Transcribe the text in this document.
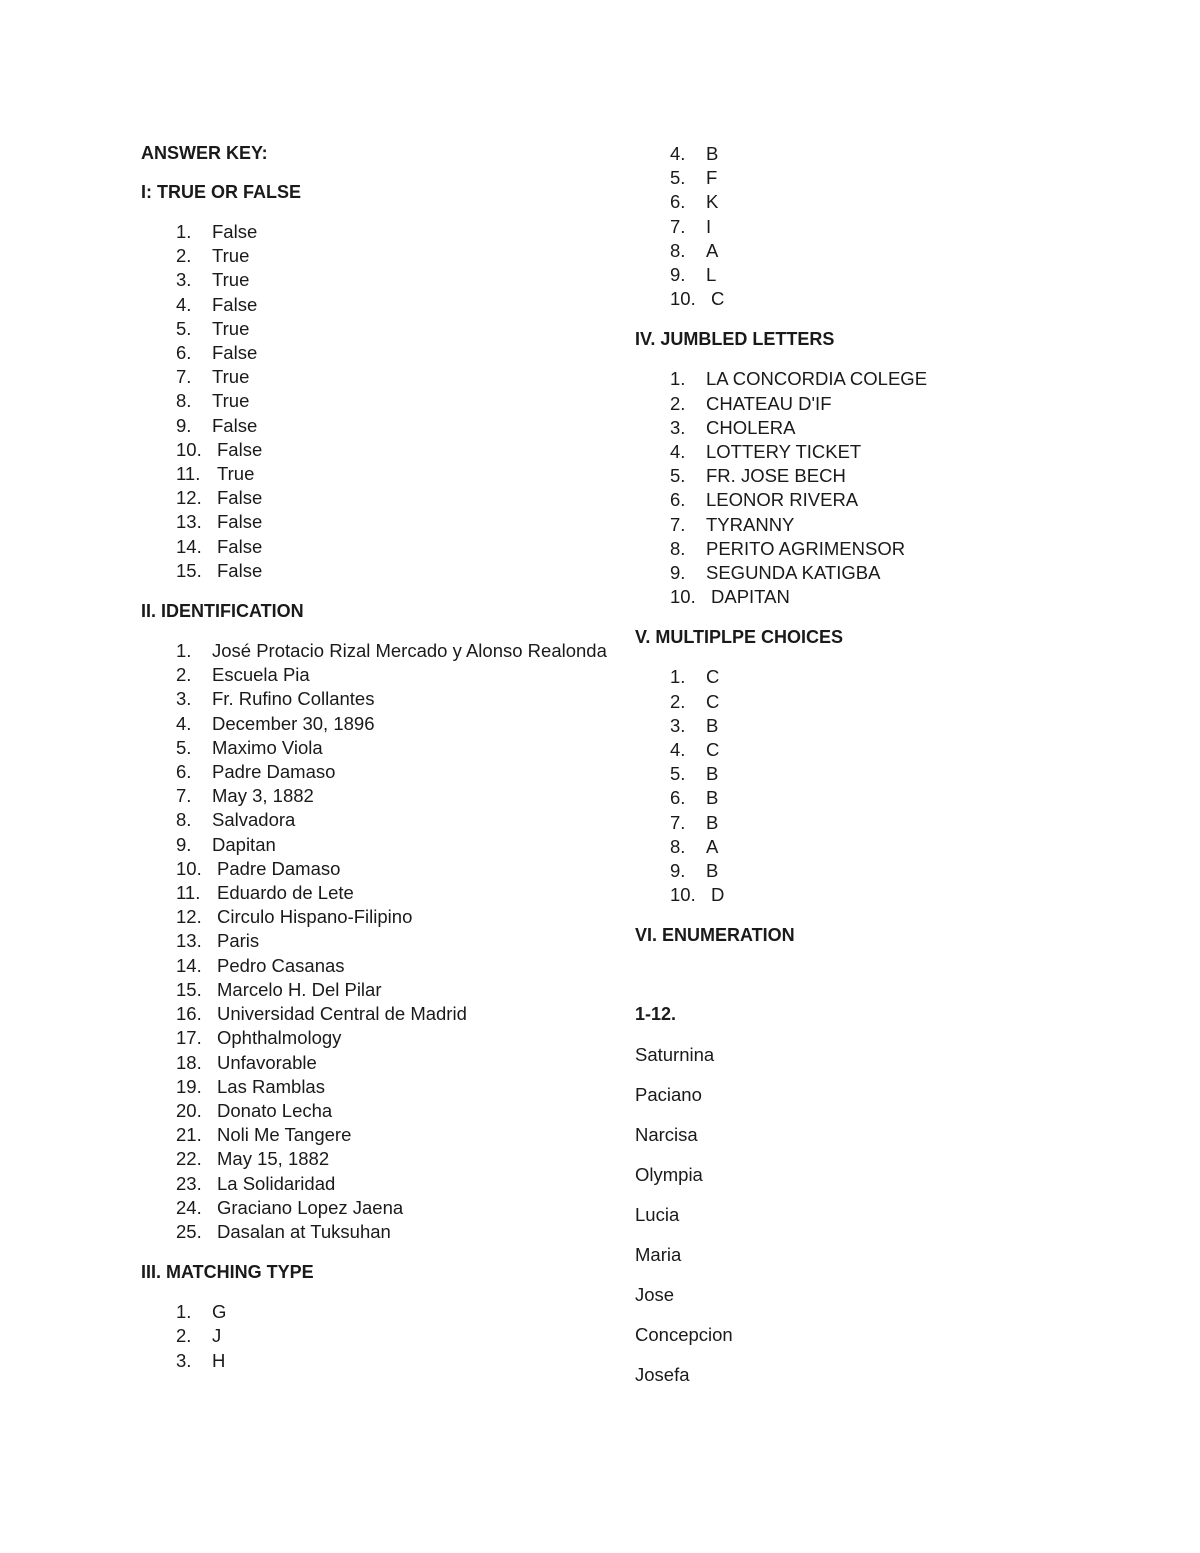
ANSWER KEY:
I: TRUE OR FALSE
1. False
2. True
3. True
4. False
5. True
6. False
7. True
8. True
9. False
10. False
11. True
12. False
13. False
14. False
15. False
II. IDENTIFICATION
1. José Protacio Rizal Mercado y Alonso Realonda
2. Escuela Pia
3. Fr. Rufino Collantes
4. December 30, 1896
5. Maximo Viola
6. Padre Damaso
7. May 3, 1882
8. Salvadora
9. Dapitan
10. Padre Damaso
11. Eduardo de Lete
12. Circulo Hispano-Filipino
13. Paris
14. Pedro Casanas
15. Marcelo H. Del Pilar
16. Universidad Central de Madrid
17. Ophthalmology
18. Unfavorable
19. Las Ramblas
20. Donato Lecha
21. Noli Me Tangere
22. May 15, 1882
23. La Solidaridad
24. Graciano Lopez Jaena
25. Dasalan at Tuksuhan
III. MATCHING TYPE
1. G
2. J
3. H
4. B
5. F
6. K
7. I
8. A
9. L
10. C
IV. JUMBLED LETTERS
1. LA CONCORDIA COLEGE
2. CHATEAU D'IF
3. CHOLERA
4. LOTTERY TICKET
5. FR. JOSE BECH
6. LEONOR RIVERA
7. TYRANNY
8. PERITO AGRIMENSOR
9. SEGUNDA KATIGBA
10. DAPITAN
V. MULTIPLPE CHOICES
1. C
2. C
3. B
4. C
5. B
6. B
7. B
8. A
9. B
10. D
VI. ENUMERATION
1-12.
Saturnina
Paciano
Narcisa
Olympia
Lucia
Maria
Jose
Concepcion
Josefa
